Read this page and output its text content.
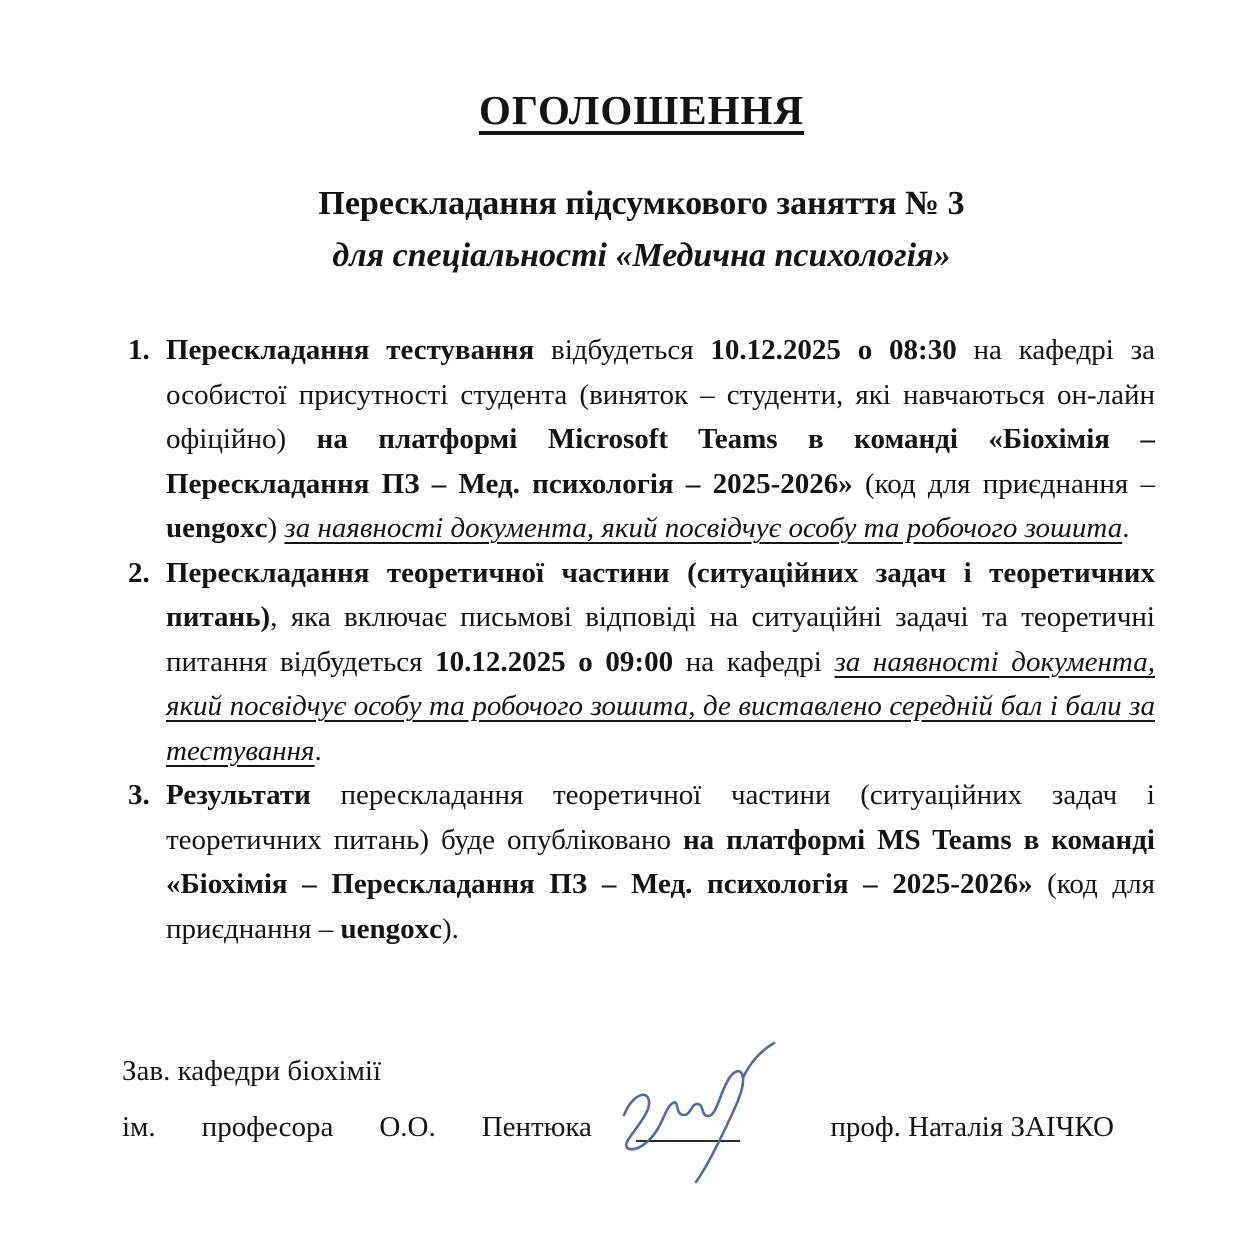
ОГОЛОШЕННЯ

Перескладання підсумкового заняття № 3

для спеціальності «Медична психологія»

1. Перескладання тестування відбудеться 10.12.2025 о 08:30 на кафедрі за особистої присутності студента (виняток – студенти, які навчаються он-лайн офіційно) на платформі Microsoft Teams в команді «Біохімія – Перескладання ПЗ – Мед. психологія – 2025-2026» (код для приєднання – uengoxc) за наявності документа, який посвідчує особу та робочого зошита.
2. Перескладання теоретичної частини (ситуаційних задач і теоретичних питань), яка включає письмові відповіді на ситуаційні задачі та теоретичні питання відбудеться 10.12.2025 о 09:00 на кафедрі за наявності документа, який посвідчує особу та робочого зошита, де виставлено середній бал і бали за тестування.
3. Результати перескладання теоретичної частини (ситуаційних задач і теоретичних питань) буде опубліковано на платформі MS Teams в команді «Біохімія – Перескладання ПЗ – Мед. психологія – 2025-2026» (код для приєднання – uengoxc).
Зав. кафедри біохімії
ім. професора О.О. Пентюка	проф. Наталія ЗАІЧКО
